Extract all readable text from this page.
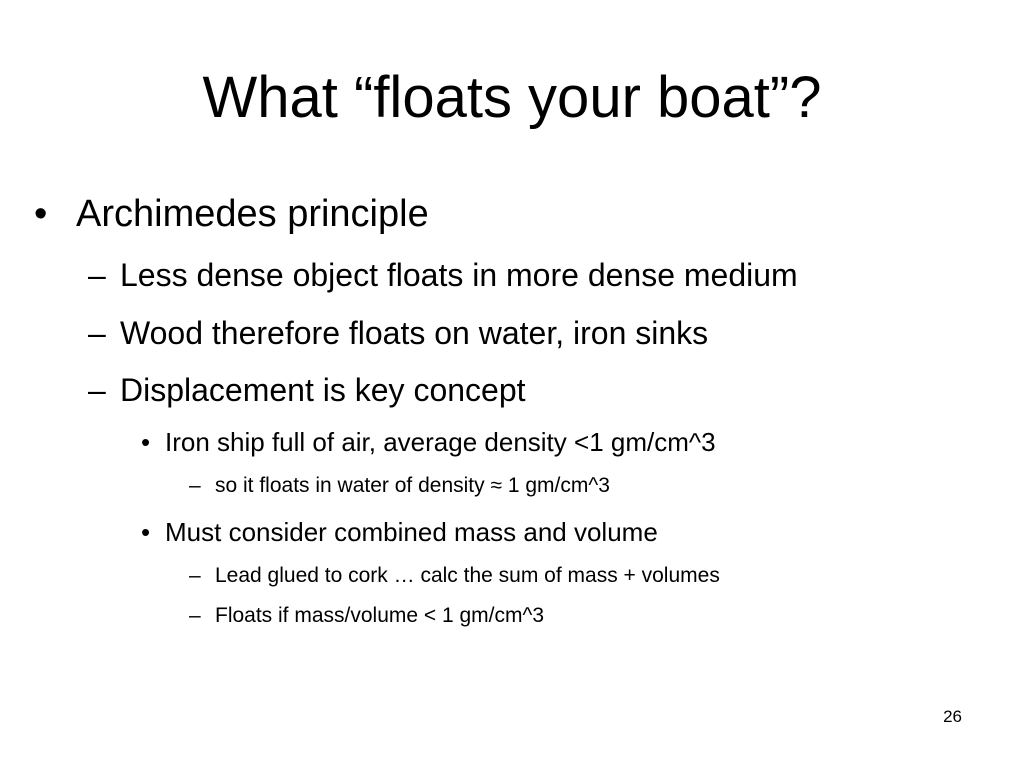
What “floats your boat”?
• Archimedes principle
– Less dense object floats in more dense medium
– Wood therefore floats on water, iron sinks
– Displacement is key concept
• Iron ship full of air, average density <1 gm/cm^3
– so it floats in water of density ≈ 1 gm/cm^3
• Must consider combined mass and volume
– Lead glued to cork … calc the sum of mass + volumes
– Floats if mass/volume < 1 gm/cm^3
26
